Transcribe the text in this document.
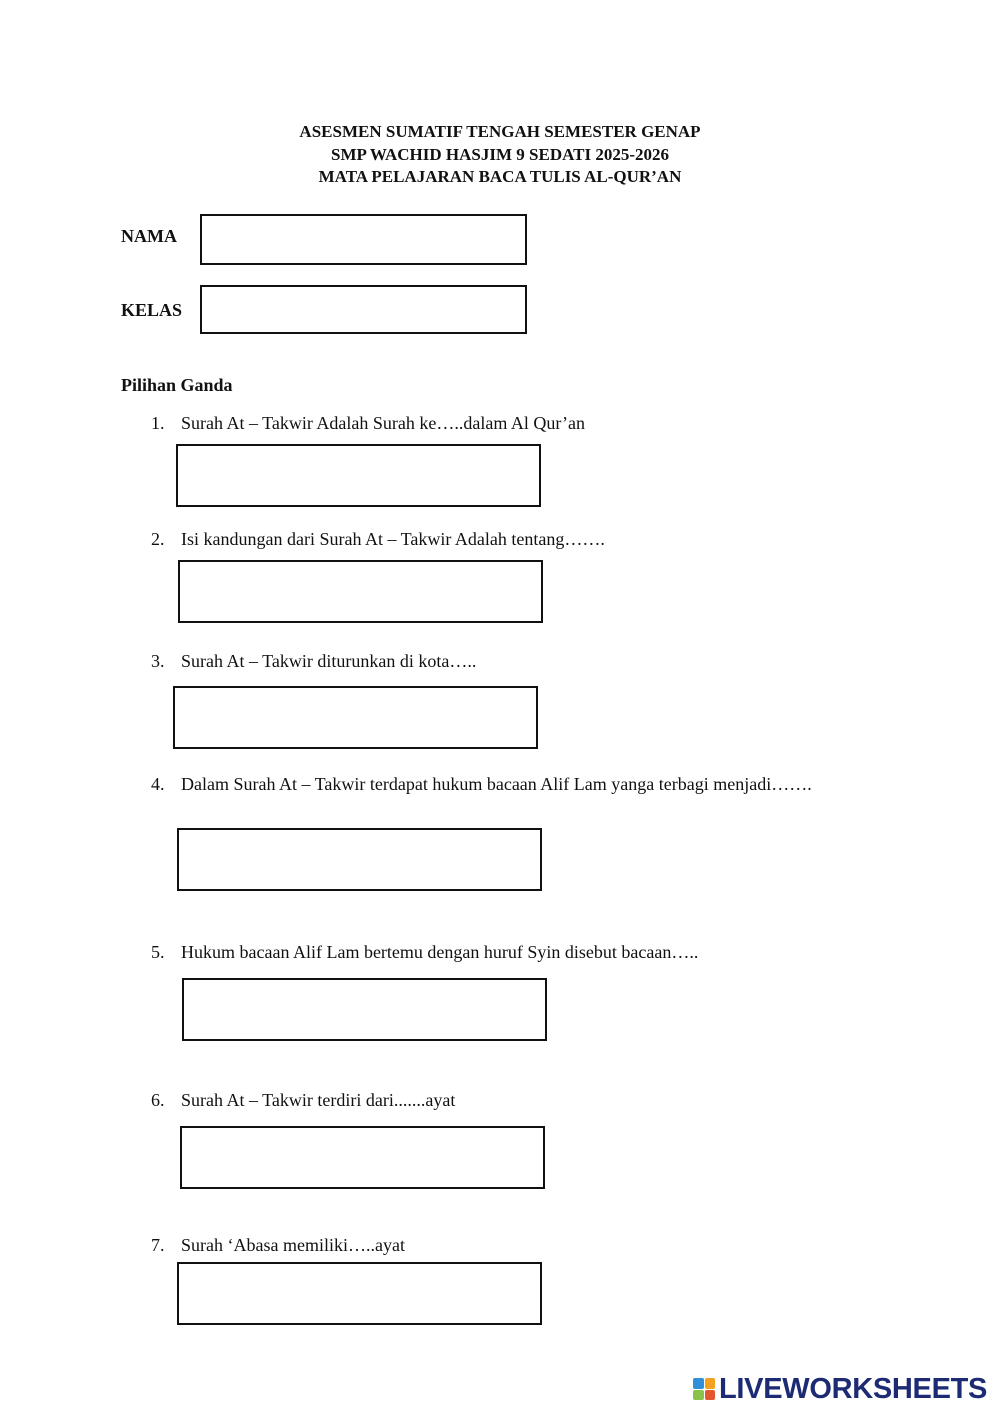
ASESMEN SUMATIF TENGAH SEMESTER GENAP
SMP WACHID HASJIM 9 SEDATI 2025-2026
MATA PELAJARAN BACA TULIS AL-QUR’AN
NAMA
KELAS
Pilihan Ganda
1. Surah At – Takwir Adalah Surah ke…..dalam Al Qur’an
2. Isi kandungan dari Surah At – Takwir Adalah tentang…….
3. Surah At – Takwir diturunkan di kota…..
4. Dalam Surah At – Takwir terdapat hukum bacaan Alif Lam yanga terbagi menjadi…….
5. Hukum bacaan Alif Lam bertemu dengan huruf Syin disebut bacaan…..
6. Surah At – Takwir terdiri dari.......ayat
7. Surah ‘Abasa memiliki…..ayat
LIVEWORKSHEETS
